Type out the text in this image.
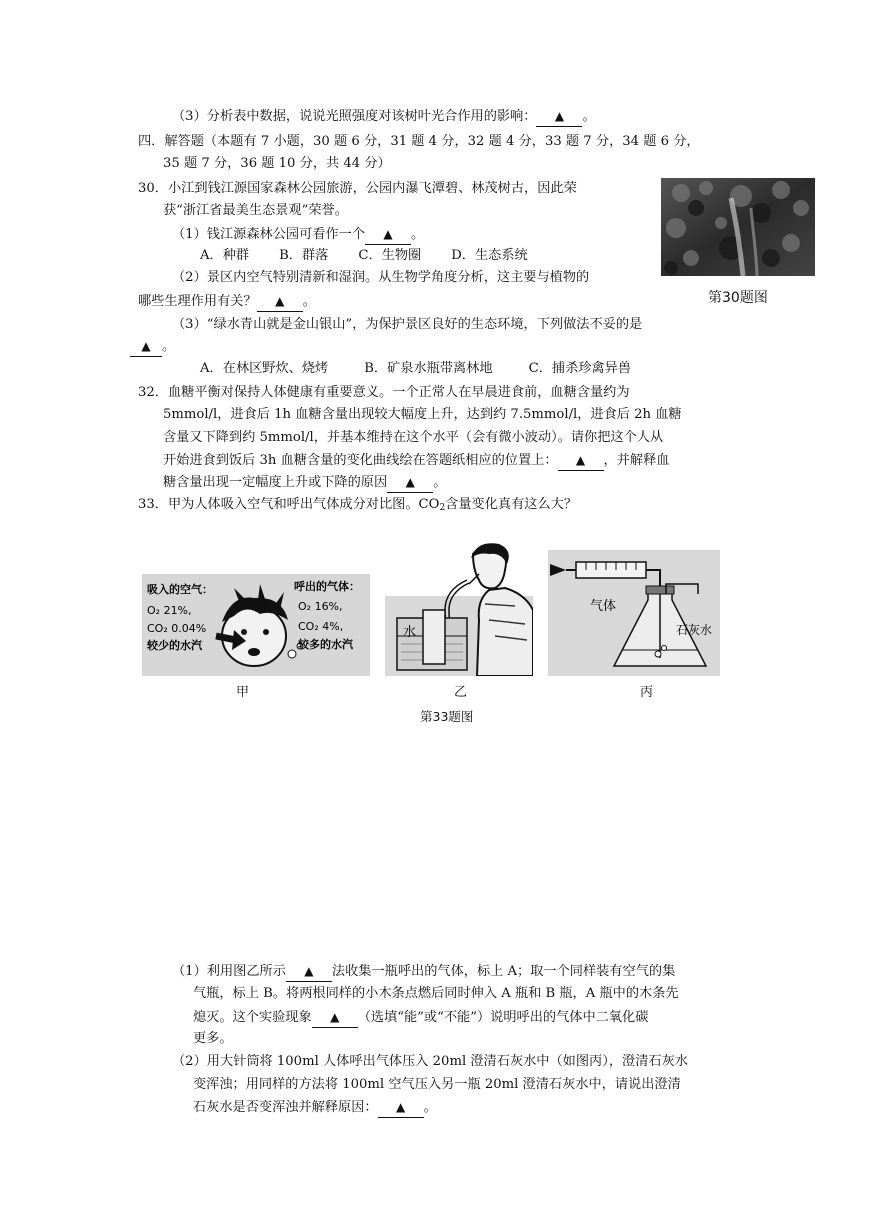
（3）分析表中数据，说说光照强度对该树叶光合作用的影响： ▲ 。
四．解答题（本题有 7 小题，30 题 6 分，31 题 4 分，32 题 4 分，33 题 7 分，34 题 6 分，
35 题 7 分，36 题 10 分，共 44 分）
30．小江到钱江源国家森林公园旅游，公园内瀑飞潭碧、林茂树古，因此荣
获“浙江省最美生态景观”荣誉。
（1）钱江源森林公园可看作一个 ▲ 。
A．种群 B．群落 C．生物圈 D．生态系统
（2）景区内空气特别清新和湿润。从生物学角度分析，这主要与植物的
哪些生理作用有关？ ▲ 。
（3）“绿水青山就是金山银山”，为保护景区良好的生态环境，下列做法不妥的是
▲ 。
A．在林区野炊、烧烤	B．矿泉水瓶带离林地	C．捕杀珍禽异兽
第30题图
32．血糖平衡对保持人体健康有重要意义。一个正常人在早晨进食前，血糖含量约为
5mmol/l，进食后 1h 血糖含量出现较大幅度上升，达到约 7.5mmol/l，进食后 2h 血糖
含量又下降到约 5mmol/l，并基本维持在这个水平（会有微小波动）。请你把这个人从
开始进食到饭后 3h 血糖含量的变化曲线绘在答题纸相应的位置上： ▲ ，并解释血
糖含量出现一定幅度上升或下降的原因 ▲ 。
33．甲为人体吸入空气和呼出气体成分对比图。$CO_2$含量变化真有这么大？
吸入的空气：
O₂ 21%,
CO₂ 0.04%
较少的水汽
呼出的气体：
O₂ 16%,
CO₂ 4%,
较多的水汽
水
气体
石灰水
甲	乙	丙
第33题图
（1）利用图乙所示 ▲ 法收集一瓶呼出的气体，标上 A；取一个同样装有空气的集
气瓶，标上 B。将两根同样的小木条点燃后同时伸入 A 瓶和 B 瓶，A 瓶中的木条先
熄灭。这个实验现象 ▲ （选填“能”或“不能”）说明呼出的气体中二氧化碳
更多。
（2）用大针筒将 100ml 人体呼出气体压入 20ml 澄清石灰水中（如图丙），澄清石灰水
变浑浊；用同样的方法将 100ml 空气压入另一瓶 20ml 澄清石灰水中，请说出澄清
石灰水是否变浑浊并解释原因： ▲ 。
